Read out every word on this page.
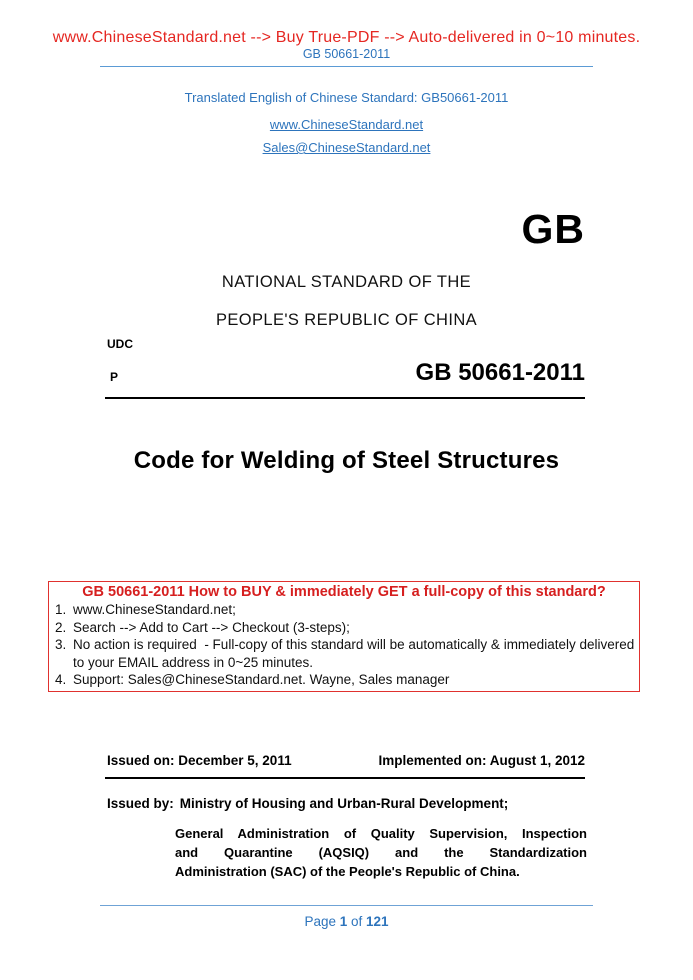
www.ChineseStandard.net --> Buy True-PDF --> Auto-delivered in 0~10 minutes.
GB 50661-2011
Translated English of Chinese Standard: GB50661-2011
www.ChineseStandard.net
Sales@ChineseStandard.net
GB
NATIONAL STANDARD OF THE
PEOPLE'S REPUBLIC OF CHINA
UDC
P	GB 50661-2011
Code for Welding of Steel Structures
GB 50661-2011 How to BUY & immediately GET a full-copy of this standard?
1. www.ChineseStandard.net;
2. Search --> Add to Cart --> Checkout (3-steps);
3. No action is required  - Full-copy of this standard will be automatically & immediately delivered to your EMAIL address in 0~25 minutes.
4. Support: Sales@ChineseStandard.net. Wayne, Sales manager
Issued on: December 5, 2011	Implemented on: August 1, 2012
Issued by: Ministry of Housing and Urban-Rural Development;
General Administration of Quality Supervision, Inspection
and Quarantine (AQSIQ) and the Standardization
Administration (SAC) of the People's Republic of China.
Page 1 of 121
